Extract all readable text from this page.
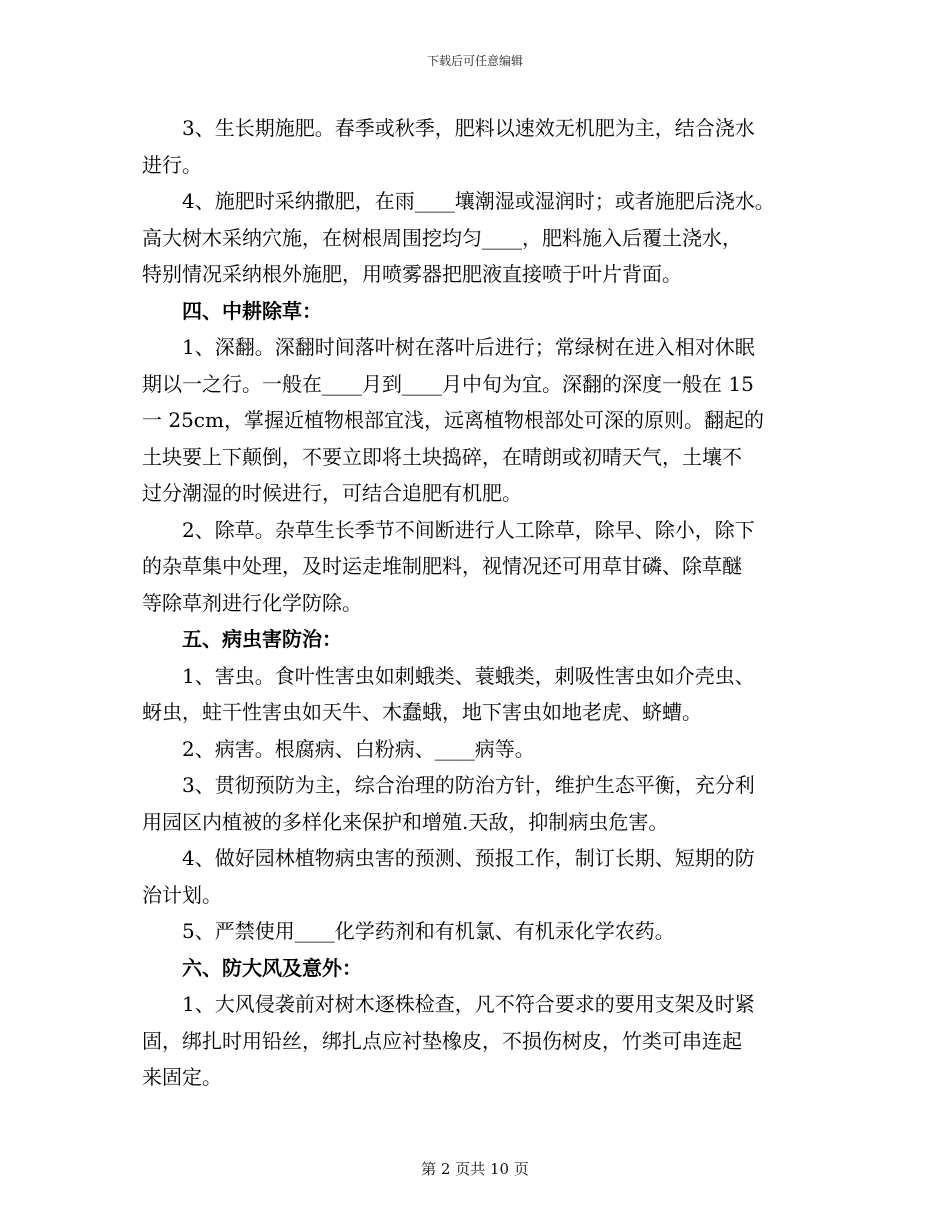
下载后可任意编辑
3、生长期施肥。春季或秋季，肥料以速效无机肥为主，结合浇水
进行。
4、施肥时采纳撒肥，在雨____壤潮湿或湿润时；或者施肥后浇水。
高大树木采纳穴施，在树根周围挖均匀____，肥料施入后覆土浇水，
特别情况采纳根外施肥，用喷雾器把肥液直接喷于叶片背面。
四、中耕除草：
1、深翻。深翻时间落叶树在落叶后进行；常绿树在进入相对休眠
期以一之行。一般在____月到____月中旬为宜。深翻的深度一般在 15
一 25cm，掌握近植物根部宜浅，远离植物根部处可深的原则。翻起的
土块要上下颠倒，不要立即将土块捣碎，在晴朗或初晴天气，土壤不
过分潮湿的时候进行，可结合追肥有机肥。
2、除草。杂草生长季节不间断进行人工除草，除早、除小，除下
的杂草集中处理，及时运走堆制肥料，视情况还可用草甘磷、除草醚
等除草剂进行化学防除。
五、病虫害防治：
1、害虫。食叶性害虫如刺蛾类、蓑蛾类，刺吸性害虫如介壳虫、
蚜虫，蛀干性害虫如天牛、木蠢蛾，地下害虫如地老虎、蛴螬。
2、病害。根腐病、白粉病、____病等。
3、贯彻预防为主，综合治理的防治方针，维护生态平衡，充分利
用园区内植被的多样化来保护和增殖.天敌，抑制病虫危害。
4、做好园林植物病虫害的预测、预报工作，制订长期、短期的防
治计划。
5、严禁使用____化学药剂和有机氯、有机汞化学农药。
六、防大风及意外：
1、大风侵袭前对树木逐株检查，凡不符合要求的要用支架及时紧
固，绑扎时用铅丝，绑扎点应衬垫橡皮，不损伤树皮，竹类可串连起
来固定。
第 2 页共 10 页
